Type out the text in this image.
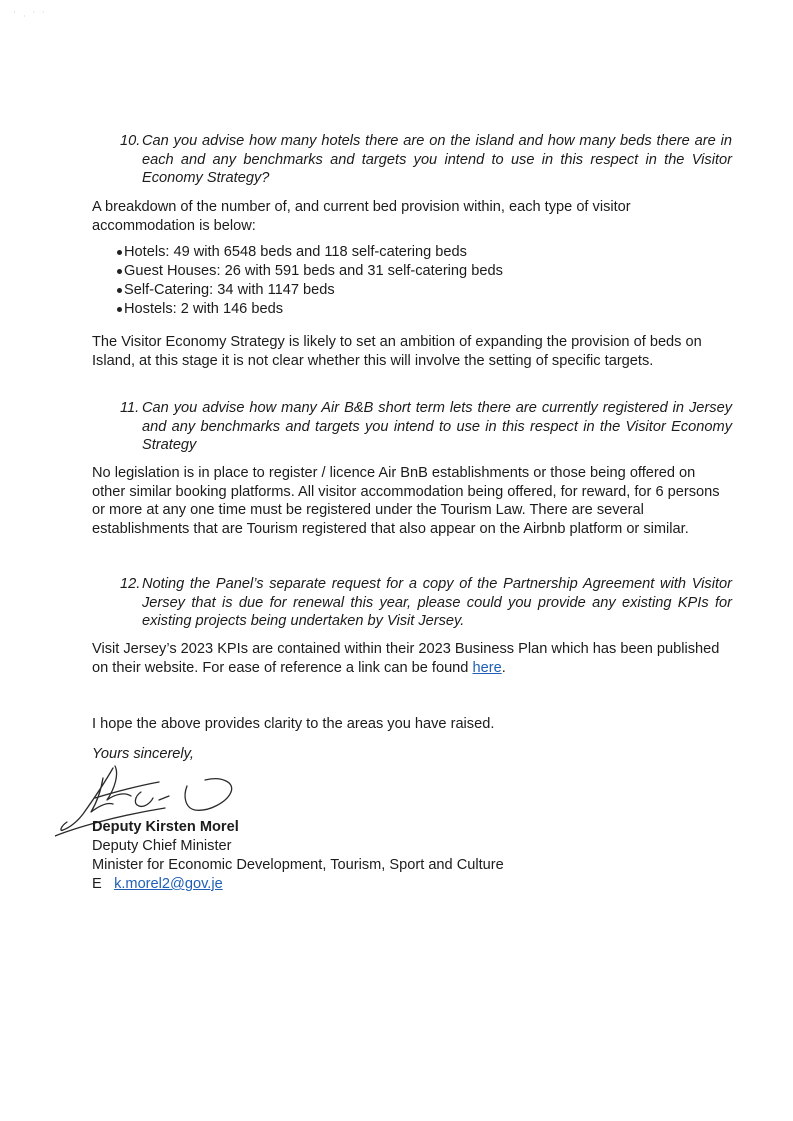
' , ' '
10. Can you advise how many hotels there are on the island and how many beds there are in each and any benchmarks and targets you intend to use in this respect in the Visitor Economy Strategy?
A breakdown of the number of, and current bed provision within, each type of visitor accommodation is below:
Hotels: 49 with 6548 beds and 118 self-catering beds
Guest Houses: 26 with 591 beds and 31 self-catering beds
Self-Catering: 34 with 1147 beds
Hostels: 2 with 146 beds
The Visitor Economy Strategy is likely to set an ambition of expanding the provision of beds on Island, at this stage it is not clear whether this will involve the setting of specific targets.
11. Can you advise how many Air B&B short term lets there are currently registered in Jersey and any benchmarks and targets you intend to use in this respect in the Visitor Economy Strategy
No legislation is in place to register / licence Air BnB establishments or those being offered on other similar booking platforms. All visitor accommodation being offered, for reward, for 6 persons or more at any one time must be registered under the Tourism Law. There are several establishments that are Tourism registered that also appear on the Airbnb platform or similar.
12. Noting the Panel’s separate request for a copy of the Partnership Agreement with Visitor Jersey that is due for renewal this year, please could you provide any existing KPIs for existing projects being undertaken by Visit Jersey.
Visit Jersey’s 2023 KPIs are contained within their 2023 Business Plan which has been published on their website. For ease of reference a link can be found here.
I hope the above provides clarity to the areas you have raised.
Yours sincerely,
Deputy Kirsten Morel
Deputy Chief Minister
Minister for Economic Development, Tourism, Sport and Culture
E k.morel2@gov.je
